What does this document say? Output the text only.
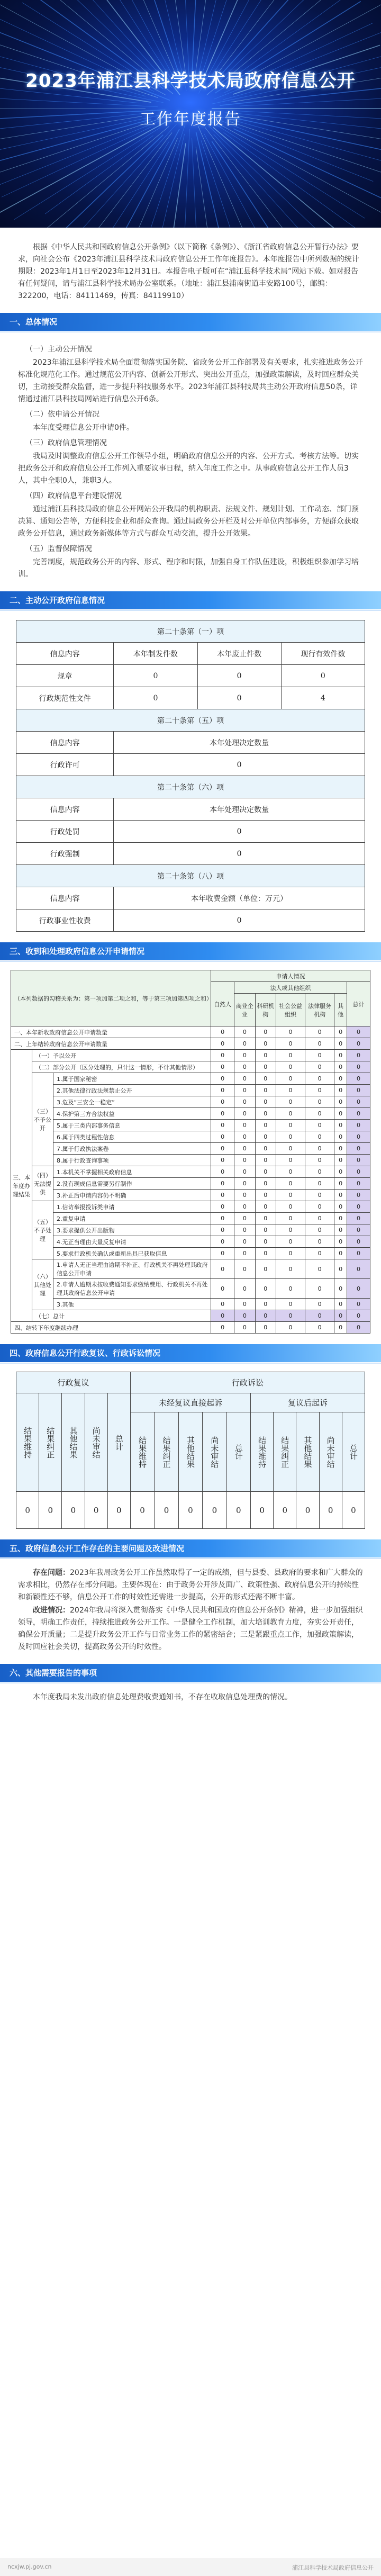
2023年浦江县科学技术局政府信息公开
工作年度报告
根据《中华人民共和国政府信息公开条例》（以下简称《条例》）、《浙江省政府信息公开暂行办法》要求，向社会公布《2023年浦江县科学技术局政府信息公开工作年度报告》。本年度报告中所列数据的统计期限：2023年1月1日至2023年12月31日。本报告电子版可在“浦江县科学技术局”网站下载。如对报告有任何疑问，请与浦江县科学技术局办公室联系。（地址：浦江县浦南街道丰安路100号，邮编：322200，电话：84111469，传真：84119910）
一、总体情况

（一）主动公开情况

2023年浦江县科学技术局全面贯彻落实国务院、省政务公开工作部署及有关要求，扎实推进政务公开标准化规范化工作。通过规范公开内容、创新公开形式、突出公开重点，加强政策解读，及时回应群众关切，主动接受群众监督，进一步提升科技服务水平。2023年浦江县科技局共主动公开政府信息50条，详情通过浦江县科技局网站进行信息公开6条。

（二）依申请公开情况

本年度受理信息公开申请0件。

（三）政府信息管理情况

我局及时调整政府信息公开工作领导小组，明确政府信息公开的内容、公开方式、考核方法等。切实把政务公开和政府信息公开工作列入重要议事日程，纳入年度工作之中。从事政府信息公开工作人员3人，其中全职0人，兼职3人。

（四）政府信息平台建设情况

通过浦江县科技局政府信息公开网站公开我局的机构职责、法规文件、规划计划、工作动态、部门预决算、通知公告等，方便科技企业和群众查询。通过局政务公开栏及时公开单位内部事务，方便群众获取政务公开信息，通过政务新媒体等方式与群众互动交流，提升公开效果。

（五）监督保障情况

完善制度，规范政务公开的内容、形式、程序和时限，加强自身工作队伍建设，积极组织参加学习培训。

二、主动公开政府信息情况
第二十条第（一）项			
信息内容	本年制发件数	本年废止件数	现行有效件数
规章	0	0	0
行政规范性文件	0	0	4
第二十条第（五）项			
信息内容	本年处理决定数量		
行政许可	0		
第二十条第（六）项			
信息内容	本年处理决定数量		
行政处罚	0		
行政强制	0		
第二十条第（八）项			
信息内容	本年收费金额（单位：万元）		
行政事业性收费	0		
三、收到和处理政府信息公开申请情况
（本列数据的勾稽关系为：第一项加第二项之和，等于第三项加第四项之和）			申请人情况						
			自然人	法人或其他组织					总计
				商业企业	科研机构	社会公益组织	法律服务机构	其他	
一、本年新收政府信息公开申请数量			0	0	0	0	0	0	0
二、上年结转政府信息公开申请数量			0	0	0	0	0	0	0
三、本年度办理结果	（一）予以公开		0	0	0	0	0	0	0
	（二）部分公开（区分处理的，只计这一情形，不计其他情形）		0	0	0	0	0	0	0
	（三）不予公开	1.属于国家秘密	0	0	0	0	0	0	0
		2.其他法律行政法规禁止公开	0	0	0	0	0	0	0
		3.危及“三安全一稳定”	0	0	0	0	0	0	0
		4.保护第三方合法权益	0	0	0	0	0	0	0
		5.属于三类内部事务信息	0	0	0	0	0	0	0
		6.属于四类过程性信息	0	0	0	0	0	0	0
		7.属于行政执法案卷	0	0	0	0	0	0	0
		8.属于行政查询事项	0	0	0	0	0	0	0
	（四）无法提供	1.本机关不掌握相关政府信息	0	0	0	0	0	0	0
		2.没有现成信息需要另行制作	0	0	0	0	0	0	0
		3.补正后申请内容仍不明确	0	0	0	0	0	0	0
	（五）不予处理	1.信访举报投诉类申请	0	0	0	0	0	0	0
		2.重复申请	0	0	0	0	0	0	0
		3.要求提供公开出版物	0	0	0	0	0	0	0
		4.无正当理由大量反复申请	0	0	0	0	0	0	0
		5.要求行政机关确认或重新出具已获取信息	0	0	0	0	0	0	0
	（六）其他处理	1.申请人无正当理由逾期不补正、行政机关不再处理其政府信息公开申请	0	0	0	0	0	0	0
		2.申请人逾期未按收费通知要求缴纳费用、行政机关不再处理其政府信息公开申请	0	0	0	0	0	0	0
		3.其他	0	0	0	0	0	0	0
	（七）总计		0	0	0	0	0	0	0
四、结转下年度继续办理			0	0	0	0	0	0	0
四、政府信息公开行政复议、行政诉讼情况
行政复议					行政诉讼									

结果维持	结果纠正	其他结果	尚未审结	总计	未经复议直接起诉					复议后起诉				

					结果维持	结果纠正	其他结果	尚未审结	总计	结果维持	结果纠正	其他结果	尚未审结	总计

0	0	0	0	0	0	0	0	0	0	0	0	0	0	0
五、政府信息公开工作存在的主要问题及改进情况

存在问题：2023年我局政务公开工作虽然取得了一定的成绩，但与县委、县政府的要求和广大群众的需求相比，仍然存在部分问题。主要体现在：由于政务公开涉及面广、政策性强、政府信息公开的持续性和新颖性还不够，信息公开工作的时效性还需进一步提高，公开的形式还需不断丰富。

改进情况：2024年我局将深入贯彻落实《中华人民共和国政府信息公开条例》精神，进一步加强组织领导，明确工作责任，持续推进政务公开工作。一是健全工作机制，加大培训教育力度，夯实公开责任，确保公开质量；二是提升政务公开工作与日常业务工作的紧密结合；三是紧跟重点工作，加强政策解读，及时回应社会关切，提高政务公开的时效性。

六、其他需要报告的事项

本年度我局未发出政府信息处理费收费通知书，不存在收取信息处理费的情况。

ncxjw.pj.gov.cn	浦江县科学技术局政府信息公开
